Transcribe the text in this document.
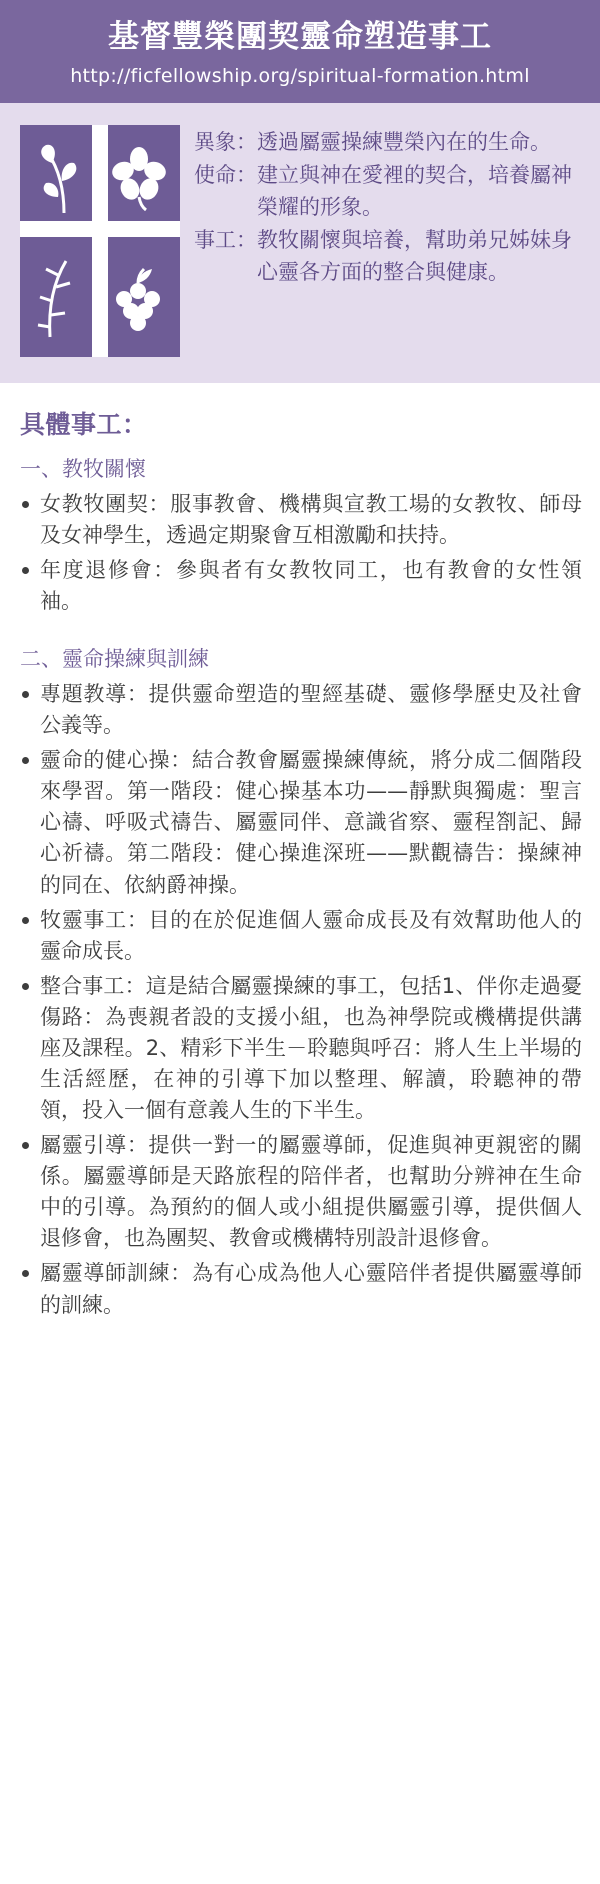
基督豐榮團契靈命塑造事工
http://ficfellowship.org/spiritual-formation.html
異象： 透過屬靈操練豐榮內在的生命。
使命： 建立與神在愛裡的契合，培養屬神榮耀的形象。
事工： 教牧關懷與培養，幫助弟兄姊妹身心靈各方面的整合與健康。
具體事工：
一、教牧關懷
女教牧團契：服事教會、機構與宣教工場的女教牧、師母及女神學生，透過定期聚會互相激勵和扶持。
年度退修會：參與者有女教牧同工，也有教會的女性領袖。
二、靈命操練與訓練
專題教導：提供靈命塑造的聖經基礎、靈修學歷史及社會公義等。
靈命的健心操：結合教會屬靈操練傳統，將分成二個階段來學習。第一階段：健心操基本功——靜默與獨處：聖言心禱、呼吸式禱告、屬靈同伴、意識省察、靈程劄記、歸心祈禱。第二階段：健心操進深班——默觀禱告：操練神的同在、依納爵神操。
牧靈事工：目的在於促進個人靈命成長及有效幫助他人的靈命成長。
整合事工：這是結合屬靈操練的事工，包括1、伴你走過憂傷路：為喪親者設的支援小組，也為神學院或機構提供講座及課程。2、精彩下半生－聆聽與呼召：將人生上半場的生活經歷，在神的引導下加以整理、解讀，聆聽神的帶領，投入一個有意義人生的下半生。
屬靈引導：提供一對一的屬靈導師，促進與神更親密的關係。屬靈導師是天路旅程的陪伴者，也幫助分辨神在生命中的引導。為預約的個人或小組提供屬靈引導，提供個人退修會，也為團契、教會或機構特別設計退修會。
屬靈導師訓練：為有心成為他人心靈陪伴者提供屬靈導師的訓練。
